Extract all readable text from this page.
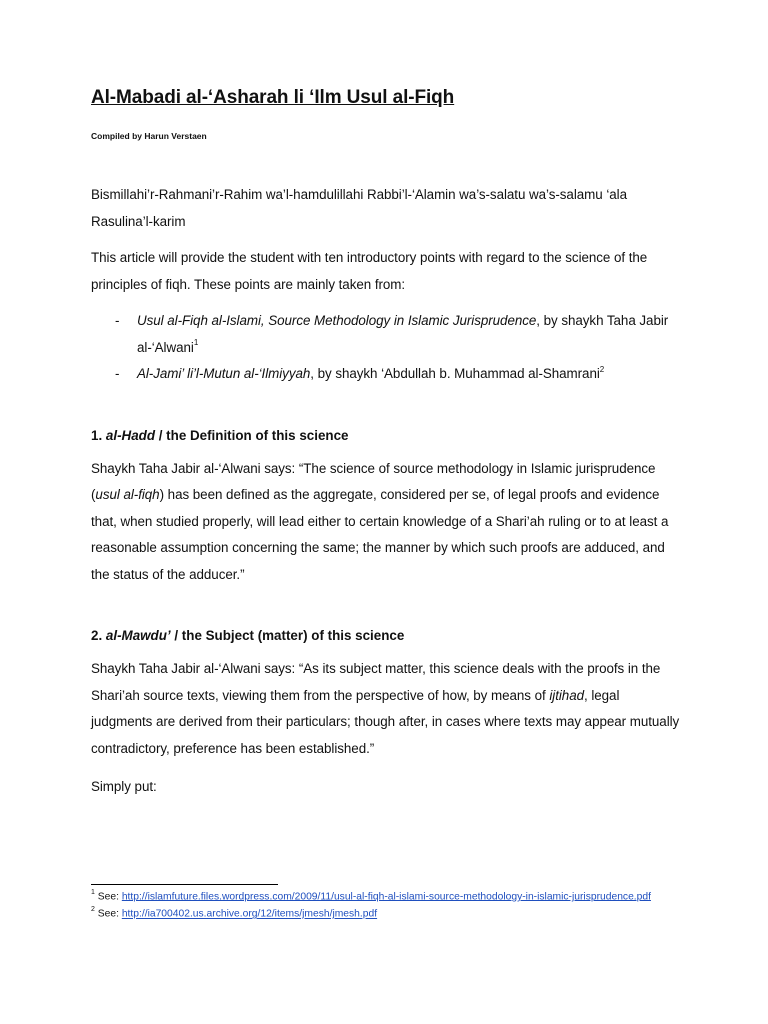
Al-Mabadi al-‘Asharah li ‘Ilm Usul al-Fiqh
Compiled by Harun Verstaen

Bismillahi’r-Rahmani’r-Rahim wa’l-hamdulillahi Rabbi’l-‘Alamin wa’s-salatu wa’s-salamu ‘ala Rasulina’l-karim

This article will provide the student with ten introductory points with regard to the science of the principles of fiqh. These points are mainly taken from:

- Usul al-Fiqh al-Islami, Source Methodology in Islamic Jurisprudence, by shaykh Taha Jabir al-‘Alwani$^1$
- Al-Jami’ li’l-Mutun al-‘Ilmiyyah, by shaykh ‘Abdullah b. Muhammad al-Shamrani$^2$

1. al-Hadd / the Definition of this science

Shaykh Taha Jabir al-‘Alwani says: “The science of source methodology in Islamic jurisprudence (usul al-fiqh) has been defined as the aggregate, considered per se, of legal proofs and evidence that, when studied properly, will lead either to certain knowledge of a Shari’ah ruling or to at least a reasonable assumption concerning the same; the manner by which such proofs are adduced, and the status of the adducer.”

2. al-Mawdu’ / the Subject (matter) of this science

Shaykh Taha Jabir al-‘Alwani says: “As its subject matter, this science deals with the proofs in the Shari’ah source texts, viewing them from the perspective of how, by means of ijtihad, legal judgments are derived from their particulars; though after, in cases where texts may appear mutually contradictory, preference has been established.”

Simply put:

$^1$ See: http://islamfuture.files.wordpress.com/2009/11/usul-al-fiqh-al-islami-source-methodology-in-islamic-jurisprudence.pdf
$^2$ See: http://ia700402.us.archive.org/12/items/jmesh/jmesh.pdf
